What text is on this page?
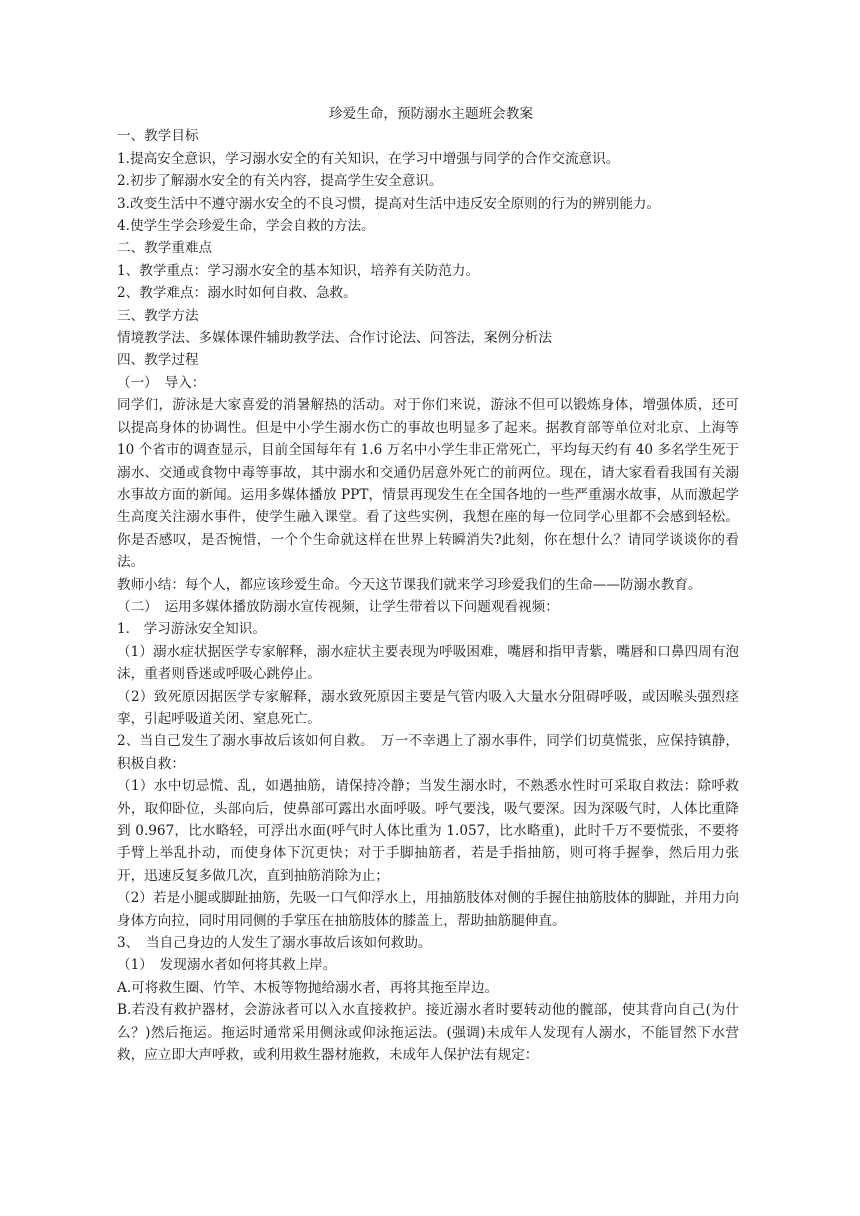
珍爱生命，预防溺水主题班会教案

一、教学目标

1.提高安全意识，学习溺水安全的有关知识，在学习中增强与同学的合作交流意识。

2.初步了解溺水安全的有关内容，提高学生安全意识。

3.改变生活中不遵守溺水安全的不良习惯，提高对生活中违反安全原则的行为的辨别能力。

4.使学生学会珍爱生命，学会自救的方法。

二、教学重难点

1、教学重点：学习溺水安全的基本知识，培养有关防范力。

2、教学难点：溺水时如何自救、急救。

三、教学方法

情境教学法、多媒体课件辅助教学法、合作讨论法、问答法，案例分析法

四、教学过程

（一）　导入：

同学们，游泳是大家喜爱的消暑解热的活动。对于你们来说，游泳不但可以锻炼身体，增强体质，还可以提高身体的协调性。但是中小学生溺水伤亡的事故也明显多了起来。据教育部等单位对北京、上海等 10 个省市的调查显示，目前全国每年有 1.6 万名中小学生非正常死亡，平均每天约有 40 多名学生死于溺水、交通或食物中毒等事故，其中溺水和交通仍居意外死亡的前两位。现在，请大家看看我国有关溺水事故方面的新闻。运用多媒体播放 PPT，情景再现发生在全国各地的一些严重溺水故事，从而激起学生高度关注溺水事件，使学生融入课堂。看了这些实例，我想在座的每一位同学心里都不会感到轻松。你是否感叹，是否惋惜，一个个生命就这样在世界上转瞬消失?此刻，你在想什么？请同学谈谈你的看法。

教师小结：每个人，都应该珍爱生命。今天这节课我们就来学习珍爱我们的生命——防溺水教育。

（二）　运用多媒体播放防溺水宣传视频，让学生带着以下问题观看视频：

1.　学习游泳安全知识。

（1）溺水症状据医学专家解释，溺水症状主要表现为呼吸困难，嘴唇和指甲青紫，嘴唇和口鼻四周有泡沫，重者则昏迷或呼吸心跳停止。

（2）致死原因据医学专家解释，溺水致死原因主要是气管内吸入大量水分阻碍呼吸，或因喉头强烈痉挛，引起呼吸道关闭、窒息死亡。

2、当自己发生了溺水事故后该如何自救。　万一不幸遇上了溺水事件，同学们切莫慌张，应保持镇静，积极自救：

（1）水中切忌慌、乱，如遇抽筋，请保持冷静；当发生溺水时，不熟悉水性时可采取自救法：除呼救外，取仰卧位，头部向后，使鼻部可露出水面呼吸。呼气要浅，吸气要深。因为深吸气时，人体比重降到 0.967，比水略轻，可浮出水面(呼气时人体比重为 1.057，比水略重)，此时千万不要慌张，不要将手臂上举乱扑动，而使身体下沉更快；对于手脚抽筋者，若是手指抽筋，则可将手握拳，然后用力张开，迅速反复多做几次，直到抽筋消除为止；

（2）若是小腿或脚趾抽筋，先吸一口气仰浮水上，用抽筋肢体对侧的手握住抽筋肢体的脚趾，并用力向身体方向拉，同时用同侧的手掌压在抽筋肢体的膝盖上，帮助抽筋腿伸直。

3、　当自己身边的人发生了溺水事故后该如何救助。

（1）　发现溺水者如何将其救上岸。

A.可将救生圈、竹竿、木板等物抛给溺水者，再将其拖至岸边。

B.若没有救护器材，会游泳者可以入水直接救护。接近溺水者时要转动他的髋部，使其背向自己(为什么？)然后拖运。拖运时通常采用侧泳或仰泳拖运法。(强调)未成年人发现有人溺水，不能冒然下水营救，应立即大声呼救，或利用救生器材施救，未成年人保护法有规定：
